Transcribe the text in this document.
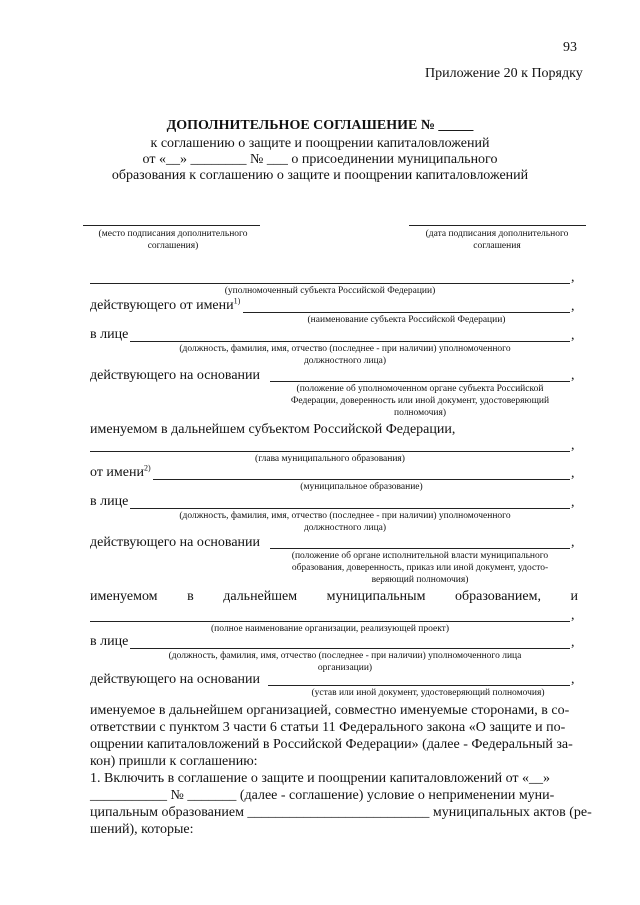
93
Приложение 20 к Порядку
ДОПОЛНИТЕЛЬНОЕ СОГЛАШЕНИЕ № _____
к соглашению о защите и поощрении капиталовложений
от «__» ________ № ___ о присоединении муниципального
образования к соглашению о защите и поощрении капиталовложений
(место подписания дополнительного
соглашения)
(дата подписания дополнительного
соглашения
,
(уполномоченный субъекта Российской Федерации)
действующего от имени$^{1)}$	,
(наименование субъекта Российской Федерации)
в лице	,
(должность, фамилия, имя, отчество (последнее - при наличии) уполномоченного
должностного лица)
действующего на основании	,
(положение об уполномоченном органе субъекта Российской
Федерации, доверенность или иной документ, удостоверяющий
полномочия)
именуемом в дальнейшем субъектом Российской Федерации,
,
(глава муниципального образования)
от имени$^{2)}$	,
(муниципальное образование)
в лице	,
(должность, фамилия, имя, отчество (последнее - при наличии) уполномоченного
должностного лица)
действующего на основании	,
(положение об органе исполнительной власти муниципального
образования, доверенность, приказ или иной документ, удосто-
веряющий полномочия)
именуемом в дальнейшем муниципальным образованием, и
,
(полное наименование организации, реализующей проект)
в лице	,
(должность, фамилия, имя, отчество (последнее - при наличии) уполномоченного лица
организации)
действующего на основании	,
(устав или иной документ, удостоверяющий полномочия)
именуемое в дальнейшем организацией, совместно именуемые сторонами, в со-
ответствии с пунктом 3 части 6 статьи 11 Федерального закона «О защите и по-
ощрении капиталовложений в Российской Федерации» (далее - Федеральный за-
кон) пришли к соглашению:
1. Включить в соглашение о защите и поощрении капиталовложений от «__»
___________ № _______ (далее - соглашение) условие о неприменении муни-
ципальным образованием __________________________ муниципальных актов (ре-
шений), которые:
